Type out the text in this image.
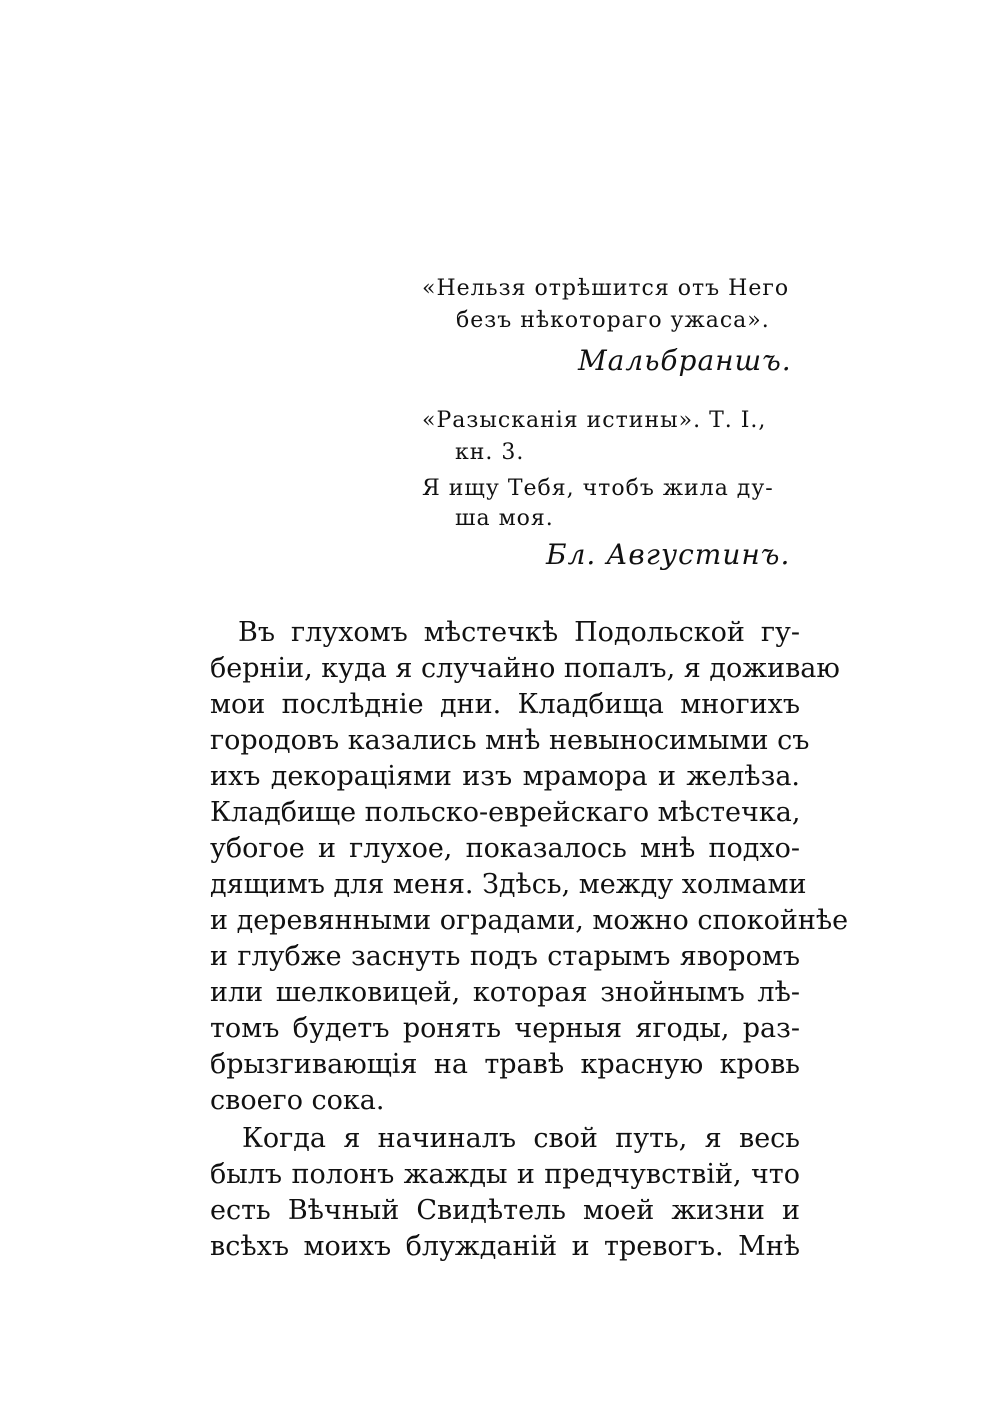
«Нельзя отрѣшится отъ Него
безъ нѣкотораго ужаса».
Мальбраншъ.
«Разысканія истины». Т. I.,
кн. 3.
Я ищу Тебя, чтобъ жила ду-
ша моя.
Бл. Августинъ.
Въ глухомъ мѣстечкѣ Подольской гу-
берніи, куда я случайно попалъ, я доживаю
мои послѣдніе дни. Кладбища многихъ
городовъ казались мнѣ невыносимыми съ
ихъ декораціями изъ мрамора и желѣза.
Кладбище польско-еврейскаго мѣстечка,
убогое и глухое, показалось мнѣ подхо-
дящимъ для меня. Здѣсь, между холмами
и деревянными оградами, можно спокойнѣе
и глубже заснуть подъ старымъ яворомъ
или шелковицей, которая знойнымъ лѣ-
томъ будетъ ронять черныя ягоды, раз-
брызгивающія на травѣ красную кровь
своего сока.
Когда я начиналъ свой путь, я весь
былъ полонъ жажды и предчувствій, что
есть Вѣчный Свидѣтель моей жизни и
всѣхъ моихъ блужданій и тревогъ. Мнѣ
